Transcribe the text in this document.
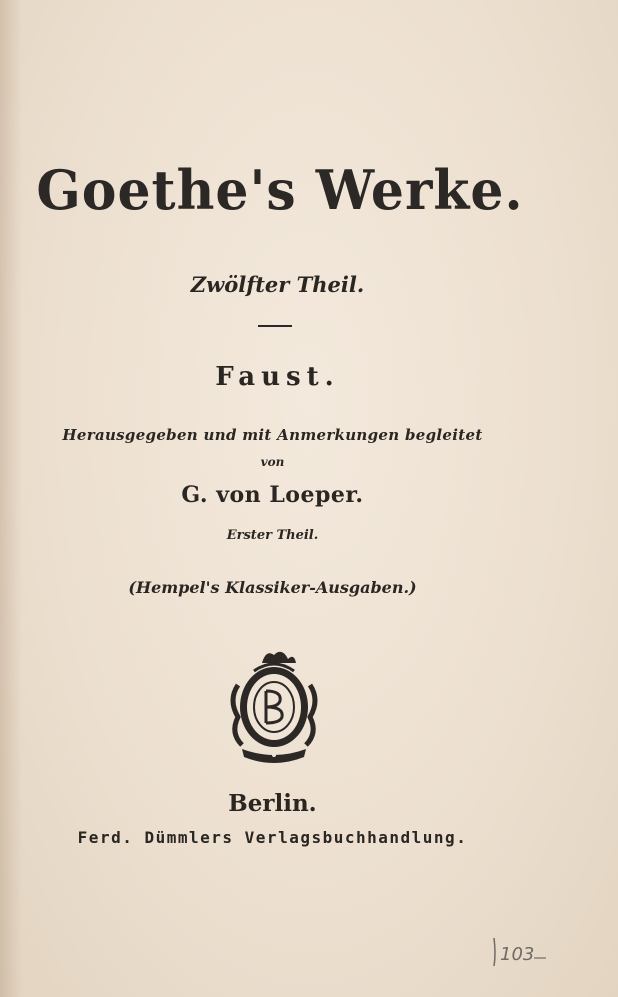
Goethe's Werke.
Zwölfter Theil.
Faust.
Herausgegeben und mit Anmerkungen begleitet
von
G. von Loeper.
Erster Theil.
(Hempel's Klassiker-Ausgaben.)
Berlin.
Ferd. Dümmlers Verlagsbuchhandlung.
103
